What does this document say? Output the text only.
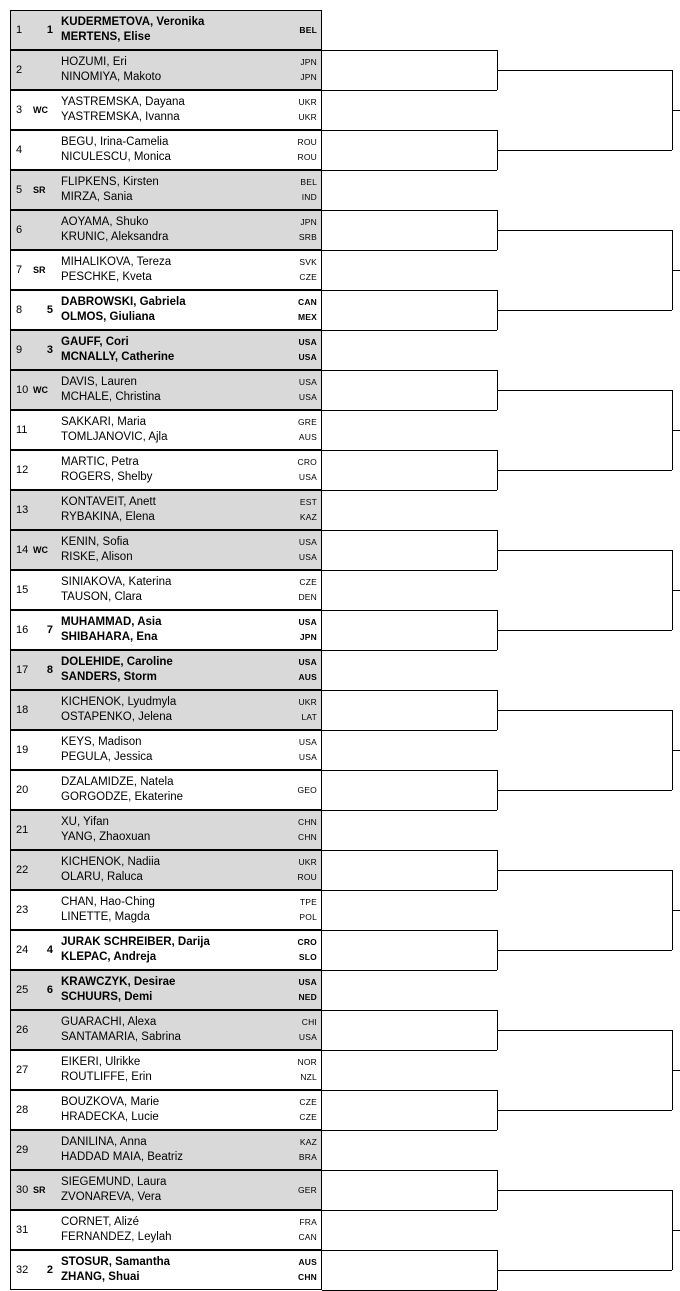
1 1
KUDERMETOVA, Veronika
MERTENS, Elise
BEL
2
HOZUMI, Eri
NINOMIYA, Makoto
JPN
JPN
3 WC
YASTREMSKA, Dayana
YASTREMSKA, Ivanna
UKR
UKR
4
BEGU, Irina-Camelia
NICULESCU, Monica
ROU
ROU
5 SR
FLIPKENS, Kirsten
MIRZA, Sania
BEL
IND
6
AOYAMA, Shuko
KRUNIC, Aleksandra
JPN
SRB
7 SR
MIHALIKOVA, Tereza
PESCHKE, Kveta
SVK
CZE
8 5
DABROWSKI, Gabriela
OLMOS, Giuliana
CAN
MEX
9 3
GAUFF, Cori
MCNALLY, Catherine
USA
USA
10 WC
DAVIS, Lauren
MCHALE, Christina
USA
USA
11
SAKKARI, Maria
TOMLJANOVIC, Ajla
GRE
AUS
12
MARTIC, Petra
ROGERS, Shelby
CRO
USA
13
KONTAVEIT, Anett
RYBAKINA, Elena
EST
KAZ
14 WC
KENIN, Sofia
RISKE, Alison
USA
USA
15
SINIAKOVA, Katerina
TAUSON, Clara
CZE
DEN
16 7
MUHAMMAD, Asia
SHIBAHARA, Ena
USA
JPN
17 8
DOLEHIDE, Caroline
SANDERS, Storm
USA
AUS
18
KICHENOK, Lyudmyla
OSTAPENKO, Jelena
UKR
LAT
19
KEYS, Madison
PEGULA, Jessica
USA
USA
20
DZALAMIDZE, Natela
GORGODZE, Ekaterine
GEO
21
XU, Yifan
YANG, Zhaoxuan
CHN
CHN
22
KICHENOK, Nadiia
OLARU, Raluca
UKR
ROU
23
CHAN, Hao-Ching
LINETTE, Magda
TPE
POL
24 4
JURAK SCHREIBER, Darija
KLEPAC, Andreja
CRO
SLO
25 6
KRAWCZYK, Desirae
SCHUURS, Demi
USA
NED
26
GUARACHI, Alexa
SANTAMARIA, Sabrina
CHI
USA
27
EIKERI, Ulrikke
ROUTLIFFE, Erin
NOR
NZL
28
BOUZKOVA, Marie
HRADECKA, Lucie
CZE
CZE
29
DANILINA, Anna
HADDAD MAIA, Beatriz
KAZ
BRA
30 SR
SIEGEMUND, Laura
ZVONAREVA, Vera
GER
31
CORNET, Alizé
FERNANDEZ, Leylah
FRA
CAN
32 2
STOSUR, Samantha
ZHANG, Shuai
AUS
CHN
